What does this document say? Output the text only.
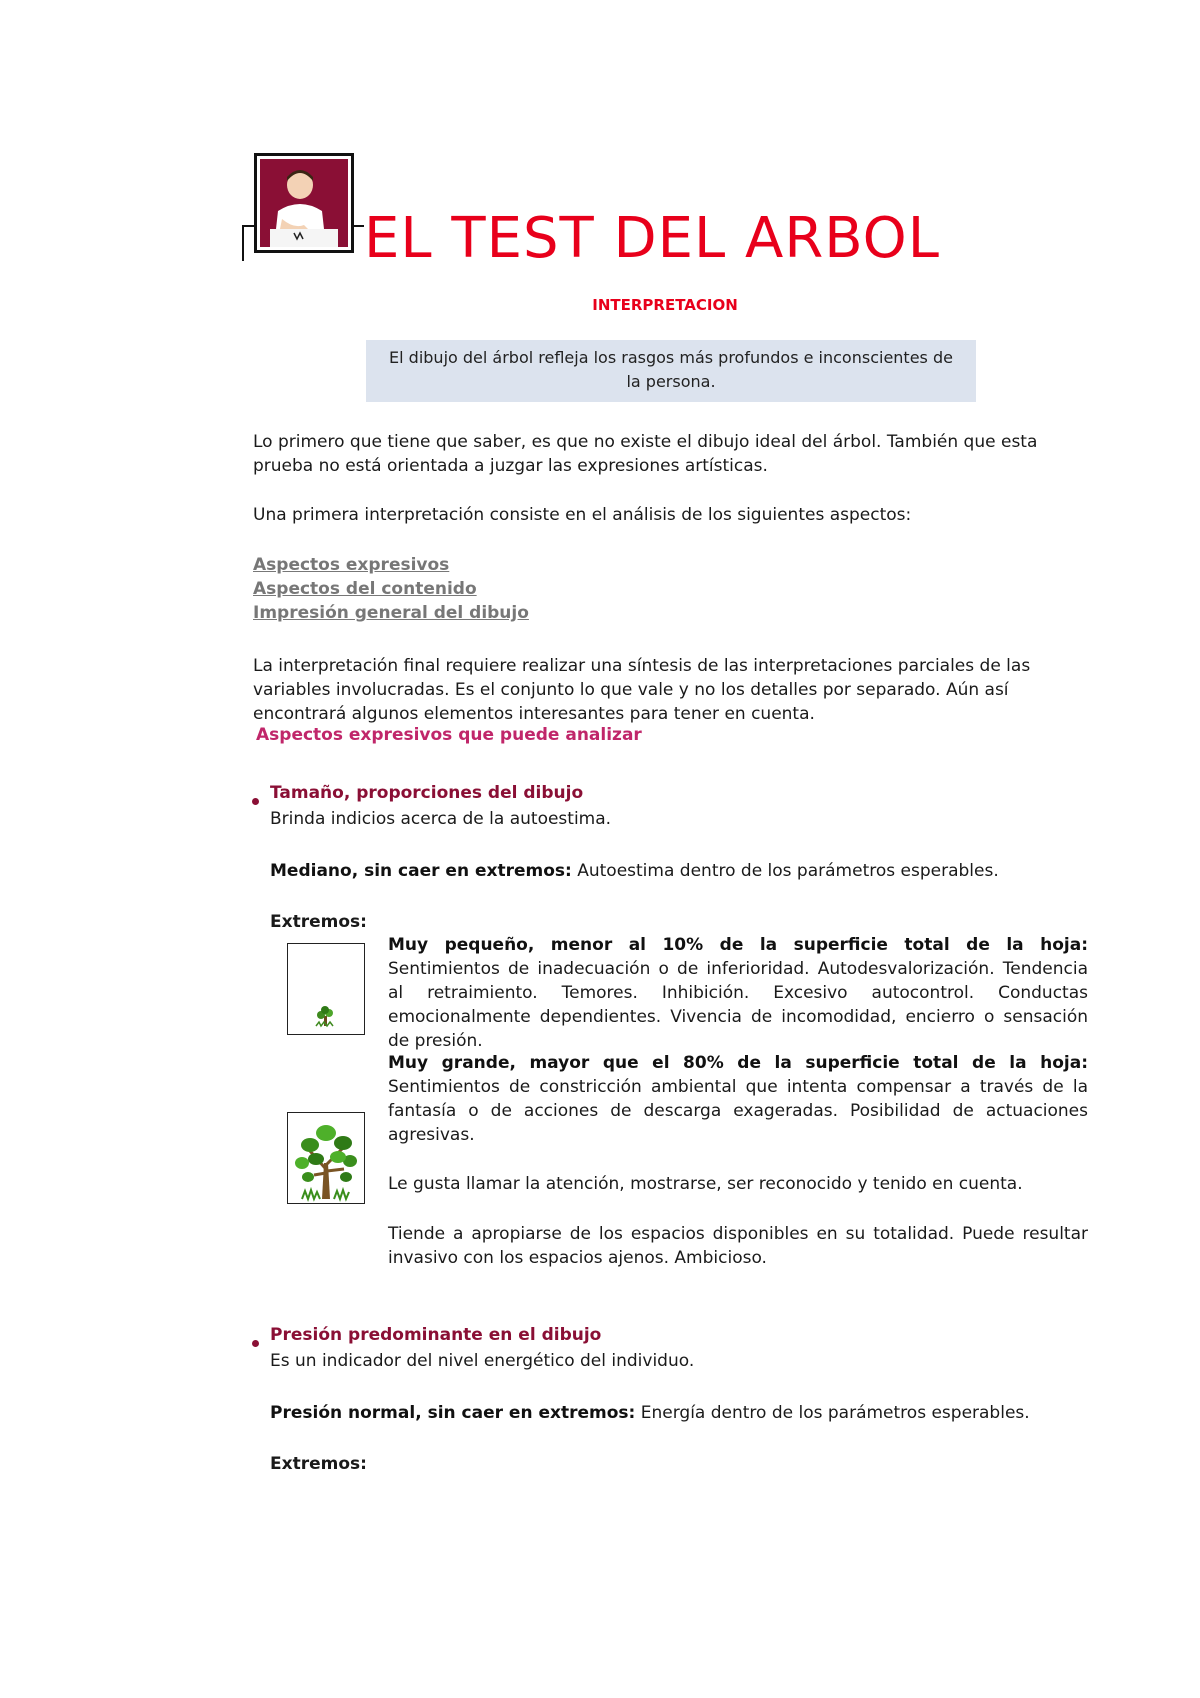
EL TEST DEL ARBOL
INTERPRETACION
El dibujo del árbol refleja los rasgos más profundos e inconscientes de la persona.
Lo primero que tiene que saber, es que no existe el dibujo ideal del árbol. También que esta prueba no está orientada a juzgar las expresiones artísticas.
Una primera interpretación consiste en el análisis de los siguientes aspectos:
Aspectos expresivos
Aspectos del contenido
Impresión general del dibujo
La interpretación final requiere realizar una síntesis de las interpretaciones parciales de las variables involucradas. Es el conjunto lo que vale y no los detalles por separado. Aún así encontrará algunos elementos interesantes para tener en cuenta.
Aspectos expresivos que puede analizar
Tamaño, proporciones del dibujo
Brinda indicios acerca de la autoestima.
Mediano, sin caer en extremos: Autoestima dentro de los parámetros esperables.
Extremos:
Muy pequeño, menor al 10% de la superficie total de la hoja: Sentimientos de inadecuación o de inferioridad. Autodesvalorización. Tendencia al retraimiento. Temores. Inhibición. Excesivo autocontrol. Conductas emocionalmente dependientes. Vivencia de incomodidad, encierro o sensación de presión.
Muy grande, mayor que el 80% de la superficie total de la hoja: Sentimientos de constricción ambiental que intenta compensar a través de la fantasía o de acciones de descarga exageradas. Posibilidad de actuaciones agresivas.
Le gusta llamar la atención, mostrarse, ser reconocido y tenido en cuenta.
Tiende a apropiarse de los espacios disponibles en su totalidad. Puede resultar invasivo con los espacios ajenos. Ambicioso.
Presión predominante en el dibujo
Es un indicador del nivel energético del individuo.
Presión normal, sin caer en extremos: Energía dentro de los parámetros esperables.
Extremos:
